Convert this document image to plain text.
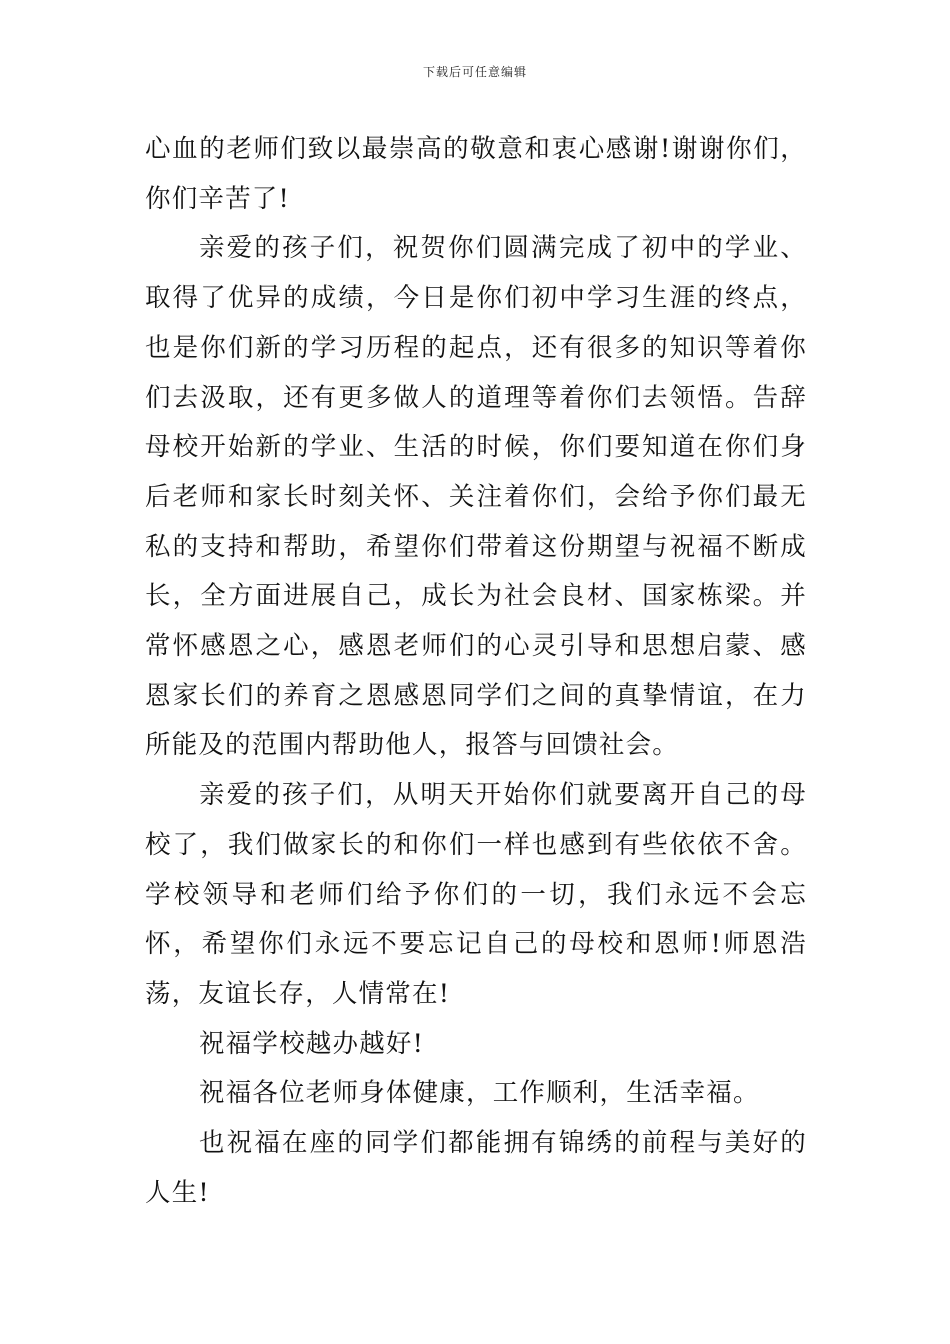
下载后可任意编辑

心血的老师们致以最崇高的敬意和衷心感谢!谢谢你们，你们辛苦了!

亲爱的孩子们，祝贺你们圆满完成了初中的学业、取得了优异的成绩，今日是你们初中学习生涯的终点，也是你们新的学习历程的起点，还有很多的知识等着你们去汲取，还有更多做人的道理等着你们去领悟。告辞母校开始新的学业、生活的时候，你们要知道在你们身后老师和家长时刻关怀、关注着你们，会给予你们最无私的支持和帮助，希望你们带着这份期望与祝福不断成长，全方面进展自己，成长为社会良材、国家栋梁。并常怀感恩之心，感恩老师们的心灵引导和思想启蒙、感恩家长们的养育之恩感恩同学们之间的真挚情谊，在力所能及的范围内帮助他人，报答与回馈社会。

亲爱的孩子们，从明天开始你们就要离开自己的母校了，我们做家长的和你们一样也感到有些依依不舍。学校领导和老师们给予你们的一切，我们永远不会忘怀，希望你们永远不要忘记自己的母校和恩师!师恩浩荡，友谊长存，人情常在!

祝福学校越办越好!

祝福各位老师身体健康，工作顺利，生活幸福。

也祝福在座的同学们都能拥有锦绣的前程与美好的人生!
